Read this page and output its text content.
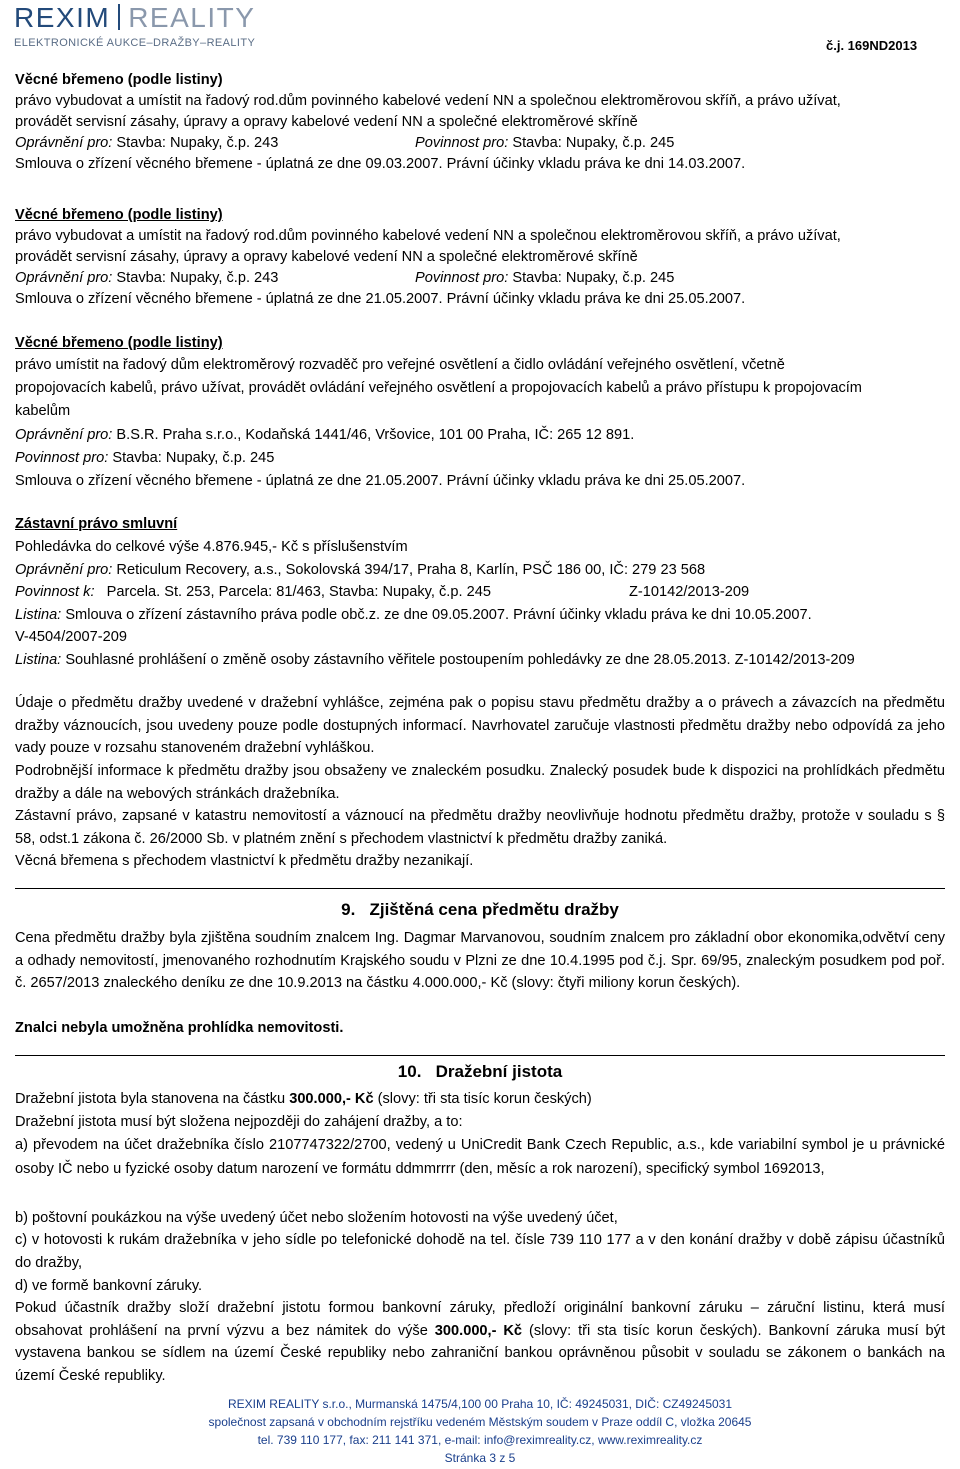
REXIM REALITY
ELEKTRONICKÉ AUKCE–DRAŽBY–REALITY	č.j. 169ND2013
Věcné břemeno (podle listiny)
právo vybudovat a umístit na řadový rod.dům povinného kabelové vedení NN a společnou elektroměrovou skříň, a právo užívat,
provádět servisní zásahy, úpravy a opravy kabelové vedení NN a společné elektroměrové skříně
Oprávnění pro: Stavba: Nupaky, č.p. 243	Povinnost pro: Stavba: Nupaky, č.p. 245
Smlouva o zřízení věcného břemene - úplatná ze dne 09.03.2007. Právní účinky vkladu práva ke dni 14.03.2007.
Věcné břemeno (podle listiny)
právo vybudovat a umístit na řadový rod.dům povinného kabelové vedení NN a společnou elektroměrovou skříň, a právo užívat,
provádět servisní zásahy, úpravy a opravy kabelové vedení NN a společné elektroměrové skříně
Oprávnění pro: Stavba: Nupaky, č.p. 243	Povinnost pro: Stavba: Nupaky, č.p. 245
Smlouva o zřízení věcného břemene - úplatná ze dne 21.05.2007. Právní účinky vkladu práva ke dni 25.05.2007.
Věcné břemeno (podle listiny)
právo umístit na řadový dům elektroměrový rozvaděč pro veřejné osvětlení a čidlo ovládání veřejného osvětlení, včetně
propojovacích kabelů, právo užívat, provádět ovládání veřejného osvětlení a propojovacích kabelů a právo přístupu k propojovacím
kabelům
Oprávnění pro: B.S.R. Praha s.r.o., Kodaňská 1441/46, Vršovice, 101 00 Praha, IČ: 265 12 891.
Povinnost pro: Stavba: Nupaky, č.p. 245
Smlouva o zřízení věcného břemene - úplatná ze dne 21.05.2007. Právní účinky vkladu práva ke dni 25.05.2007.
Zástavní právo smluvní
Pohledávka do celkové výše 4.876.945,- Kč s příslušenstvím
Oprávnění pro: Reticulum Recovery, a.s., Sokolovská 394/17, Praha 8, Karlín, PSČ 186 00, IČ: 279 23 568
Povinnost k: Parcela. St. 253, Parcela: 81/463, Stavba: Nupaky, č.p. 245	Z-10142/2013-209
Listina: Smlouva o zřízení zástavního práva podle obč.z. ze dne 09.05.2007. Právní účinky vkladu práva ke dni 10.05.2007.
V-4504/2007-209
Listina: Souhlasné prohlášení o změně osoby zástavního věřitele postoupením pohledávky ze dne 28.05.2013. Z-10142/2013-209
Údaje o předmětu dražby uvedené v dražební vyhlášce, zejména pak o popisu stavu předmětu dražby a o právech a závazcích na předmětu dražby váznoucích, jsou uvedeny pouze podle dostupných informací. Navrhovatel zaručuje vlastnosti předmětu dražby nebo odpovídá za jeho vady pouze v rozsahu stanoveném dražební vyhláškou.
Podrobnější informace k předmětu dražby jsou obsaženy ve znaleckém posudku. Znalecký posudek bude k dispozici na prohlídkách předmětu dražby a dále na webových stránkách dražebníka.
Zástavní právo, zapsané v katastru nemovitostí a váznoucí na předmětu dražby neovlivňuje hodnotu předmětu dražby, protože v souladu s § 58, odst.1 zákona č. 26/2000 Sb. v platném znění s přechodem vlastnictví k předmětu dražby zaniká.
Věcná břemena s přechodem vlastnictví k předmětu dražby nezanikají.
9. Zjištěná cena předmětu dražby
Cena předmětu dražby byla zjištěna soudním znalcem Ing. Dagmar Marvanovou, soudním znalcem pro základní obor ekonomika,odvětví ceny a odhady nemovitostí, jmenovaného rozhodnutím Krajského soudu v Plzni ze dne 10.4.1995 pod č.j. Spr. 69/95, znaleckým posudkem pod poř. č. 2657/2013 znaleckého deníku ze dne 10.9.2013 na částku 4.000.000,- Kč (slovy: čtyři miliony korun českých).
Znalci nebyla umožněna prohlídka nemovitosti.
10. Dražební jistota
Dražební jistota byla stanovena na částku 300.000,- Kč (slovy: tři sta tisíc korun českých)
Dražební jistota musí být složena nejpozději do zahájení dražby, a to:
a) převodem na účet dražebníka číslo 2107747322/2700, vedený u UniCredit Bank Czech Republic, a.s., kde variabilní symbol je u právnické osoby IČ nebo u fyzické osoby datum narození ve formátu ddmmrrrr (den, měsíc a rok narození), specifický symbol 1692013,
b) poštovní poukázkou na výše uvedený účet nebo složením hotovosti na výše uvedený účet,
c) v hotovosti k rukám dražebníka v jeho sídle po telefonické dohodě na tel. čísle 739 110 177 a v den konání dražby v době zápisu účastníků do dražby,
d) ve formě bankovní záruky.
Pokud účastník dražby složí dražební jistotu formou bankovní záruky, předloží originální bankovní záruku – záruční listinu, která musí obsahovat prohlášení na první výzvu a bez námitek do výše 300.000,- Kč (slovy: tři sta tisíc korun českých). Bankovní záruka musí být vystavena bankou se sídlem na území České republiky nebo zahraniční bankou oprávněnou působit v souladu se zákonem o bankách na území České republiky.
REXIM REALITY s.r.o., Murmanská 1475/4,100 00 Praha 10, IČ: 49245031, DIČ: CZ49245031
společnost zapsaná v obchodním rejstříku vedeném Městským soudem v Praze oddíl C, vložka 20645
tel. 739 110 177, fax: 211 141 371, e-mail: info@reximreality.cz, www.reximreality.cz
Stránka 3 z 5
